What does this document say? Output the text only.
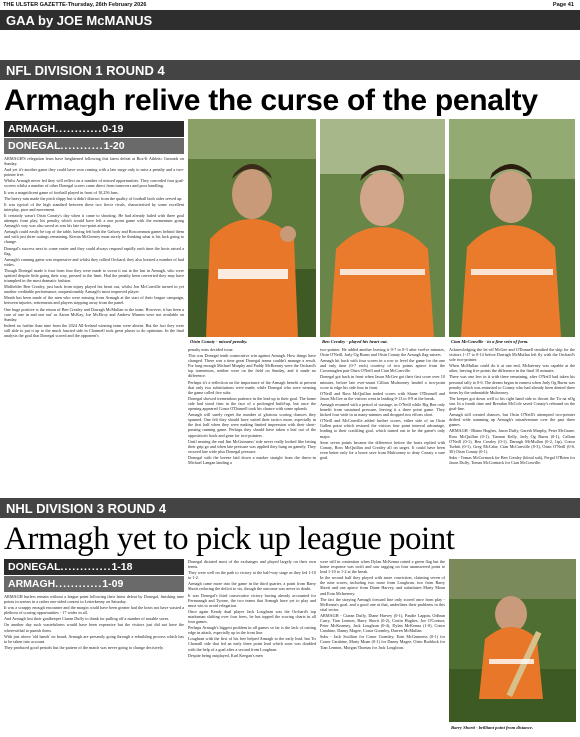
THE ULSTER GAZETTE-Thursday, 26th February 2026	Page 41
GAA by JOE McMANUS
NFL DIVISION 1 ROUND 4
Armagh relive the curse of the penalty
ARMAGH............0-19
DONEGAL...........1-20

ARMAGH'S relegation fears have heightened following this latest defeat at Box-It Athletic Grounds on Sunday.

And yet it's another game they could have won coming with a late surge only to miss a penalty and a two-pointer free.

Whilst Armagh never led they will reflect on a number of missed opportunities. They conceded four goal-scorers whilst a number of other Donegal scores came direct from turnovers and poor handling.

It was a magnificent game of football played in front of 10,256 fans.

The heavy rain made the pitch slippy but it didn't distract from the quality of football both sides served up.

It was typical of the high standard between these two fierce rivals, characterised by some excellent interplay, pace and movement.

It certainly wasn't Oisin Conaty's day when it came to shooting. He had already failed with three goal attempts from play, his penalty which would have left a one point game with the momentum going Armagh's way was also saved as was his late two-point attempt.

Armagh could easily be top of the table, having left both the Galway and Roscommon games behind them and with just three outings remaining, Kieran McGeeney must surely be thinking what is his luck going to change.

Donegal's success next to come easier and they could always respond rapidly each time the hosts raised a flag.

Armagh's running game was impressive and whilst they rallied Orchard, they also hoisted a number of bad wides.

Though Donegal made it four from four they were made to sweat it out at the last in Armagh, who were spirited despite little going their way, pressed to the limit. Had the penalty been converted they may have triumphed in the most dramatic fashion.

Midfielder Ben Crealey, just back from injury played his heart out, whilst Jon McConville turned in yet another creditable performance, unquestionably Armagh's most improved player.

Meath has been made of the men who were missing from Armagh at the start of their league campaign, between injuries, retirements and players stepping away from the panel.

One huge positive is the return of Ben Crealey and Darragh McMullan to the team. However, it has been a case of one in and one out' as Aaron McKay, Joe McElroy and Andrew Murnin were not available on Sunday.

Indeed no further than nine from the 2024 All-Ireland winning team were absent. But the fact they were still able to put it up to the much fancied side in Clonmell took great pluses to do optimism. In the final analysis the goal that Donegal scored and the opponent's

Oisin Conaty - missed penalty.	Ben Crealey - played his heart out.	Cian McConville - in a fine vein of form.

penalty miss decided issue.

This was Donegal tenth consecutive win against Armagh. How things have changed. There was a time great Donegal teams couldn't manage a result. For long enough Michael Murphy and Paddy McBrearty were the Orchard's top tormentors, neither were on the field on Sunday, and it made no difference.

Perhaps it's a reflection on the importance of the Armagh benefit at present that only two substitutions were made, while Donegal who were winning the game called five subs.

Donegal showed tremendous patience in the lead up to their goal. The home side had stood firm in the face of a prolonged build-up, but once the opening appeared Conor O'Donnell took his chance with some aplomb.

Armagh will surely regret the number of glorious scoring chances they spurned. One felt they should have varied their tactics more, especially in the first half when they were making limited impression with their short-passing running game. Perhaps they should have taken a leaf out of the opposition's book and gone for two-pointers.

Until nearing the end Jim McGuinness' side never really looked like letting their grip go and when late pressure was applied they hung on gamely. They secured late wide plus Donegal pressure.

Donegal with the breeze laid down a marker straight from the throw-in Michael Langan landing a

two-pointer. He added another leaving it 0-7 to 0-3 after twelve minutes, Oisin O'Neill, Jarly Og Burns and Oisin Conaty the Armagh flag-raisers.

Armagh hit back with four scores in a row to level the game for the one and only time (0-7 each) courtesy of two points apiece from the Crossmaglen pair Oisin O'Neill and Cian McConville.

Donegal got back in front when Jason McGee got their first score over 10 minutes, before late ever-smart Cillian Mulrooney landed a two-point score to edge his side four in front.

O'Neill and Ross McQuillan traded scores with Shane O'Donnell and Jason McGee as the visitors went in leading 0-13 to 0-9 at the break.

Armagh resumed with a period of wastage, as O'Neill while Big Ben only benefit from sustained pressure, leaving it a three point game. They kicked four wide in as many minutes and dropped two efforts short.

O'Neill and McConville added further scores, either side of an Oisin Gallen point which restored the visitors four point interval advantage, leading to their crackling goal, which turned out to be the game's only major.

Seon seven points became the difference before the hosts replied with Conaty, Ross McQuillan and Crealey all on target. It could have been even better only for a brave save from Mulrooney to deny Conaty a sure goal.

Acknowledging the let-off McGee and O'Donnell steadied the ship for the visitors 1-17 to 0-14 before Darragh McMullan left fly with the Orchard's sole two-pointer.

When McMullan could do it at one end, McInerney was capable at the other, leaving five points the difference in the final 10 minutes.

There was one less in it with three remaining, after O'Neill had taken his personal tally to 0-6. The dream began in earnest when Jarly Og Burns was penalty which was entrusted to Conaty who had already been denied three times by the unbeatable Mulrooney.

The keeper got down well to his right hand side to thwart the Tir na nOg star. In a fourth time and Brendan McCole saved Conaty's rebound on the goal-line.

Armagh still created chances, but Oisin O'Neill's attempted two-pointer drifted wide summing up Armagh's misadventure over the past three games.

ARMAGH - Blaine Hughes, Jason Duffy, Gareth Murphy, Peter McGrane, Ross McQuillan (0-1), Tiarnan Kelly, Jarly Og Burns (0-1), Callum O'Neill (0-1), Ben Crealey (0-1), Darragh McMullan (0-2, 1tp), Conor Turbitt (0-1), Greg McCabe, Cian McConville (0-3), Oisin O'Neill (0-6, 30) Oisin Conaty (0-1).

Subs - Tomas McCormack for Ben Crealey (blood sub), Fergal O'Brien for Jason Duffy, Tomas McCormack for Cian McConville.

NHL DIVISION 3 ROUND 4
Armagh yet to pick up league point
DONEGAL.............1-18
ARMAGH............1-09

ARMAGH hurlers remain without a league point following their latest defeat by Donegal, finishing nine points in arrears in a rather one-sided contest in Letterkenny on Saturday.

It was a scrappy enough encounter and the margin could have been greater had the hosts not have wasted a plethora of scoring opportunities - 17 wides in all.

And Armagh lost their goalkeeper Ciaran Duffy to thank for pulling off a number of notable saves.

On another day such wastefulness would have been expensive but the visitors just did not have the wherewithal to punish them.

With just above 'old hands' on board, Armagh are presently going through a rebuilding process which has to be taken into account.

They produced good periods but the pattern of the match was never going to change decisively.

Donegal dictated most of the exchanges and played largely on their own terms.

They were well on the path to victory at the half-way stage as they led 1-10 to 1-2.

Armagh came more into the game in the third quarter, a point from Barry Shortt reducing the deficit to six, though the outcome was never in doubt.

It was Donegal's third consecutive victory having already accounted for Fermanagh and Tyrone, the two teams that Armagh have yet to play and must win to avoid relegation.

Once again Keady dual player Jack Loughran was the Orchard's top marksman shifting over four frees, he has topped the scoring charts in all four games.

Perhaps Armagh's biggest problem in all games so far is the lack of cutting edge in attack, especially up in the front line.

Loughran with the first of his free helped Armagh to the early lead, but Tir Chonaill side that led an early three point lead which soon was doubled with the help of a goal after a second from Loughran.

Despite being outplayed, Karl Keegan's men

were still in contention when Dylan McKenna raised a green flag but the home response was swift and saw tagging on four unanswered point to lead 1-10 to 1-2 at the break.

In the second half they played with more conviction, claiming seven of the nine scores, including two more from Loughran, two from Barry Shortt and one apiece from Diane Harvey, and substitutes Marty Moan and Eoin McInerney.

The fact the straying Armagh forward line only scored once from play - McKenna's goal, and a good one at that, underlines their problems in this vital sector.

ARMAGH - Ciaran Duffy, Diane Harvey (0-1), Paudie Lappin, Odhran Curry, Tian Lennon, Barry Shortt (0-2), Cortin Hughes, Joe O'Connor, Peter McKearney, Jack Loughran (0-4), Dylan McKenna (1-0), Conor Carabine, Danny Magee, Conor Gormley, Darren McMullan.

Subs - Jack Scullion for Conor Gormley, Eoin McGuinness (0-1) for Conor Carabine, Marty Moan (0-1) for Danny Magee, Oisin Ruddock for Tian Lennon, Morgan Thomas for Jack Loughran.

Barry Shortt - brilliant point from distance.
